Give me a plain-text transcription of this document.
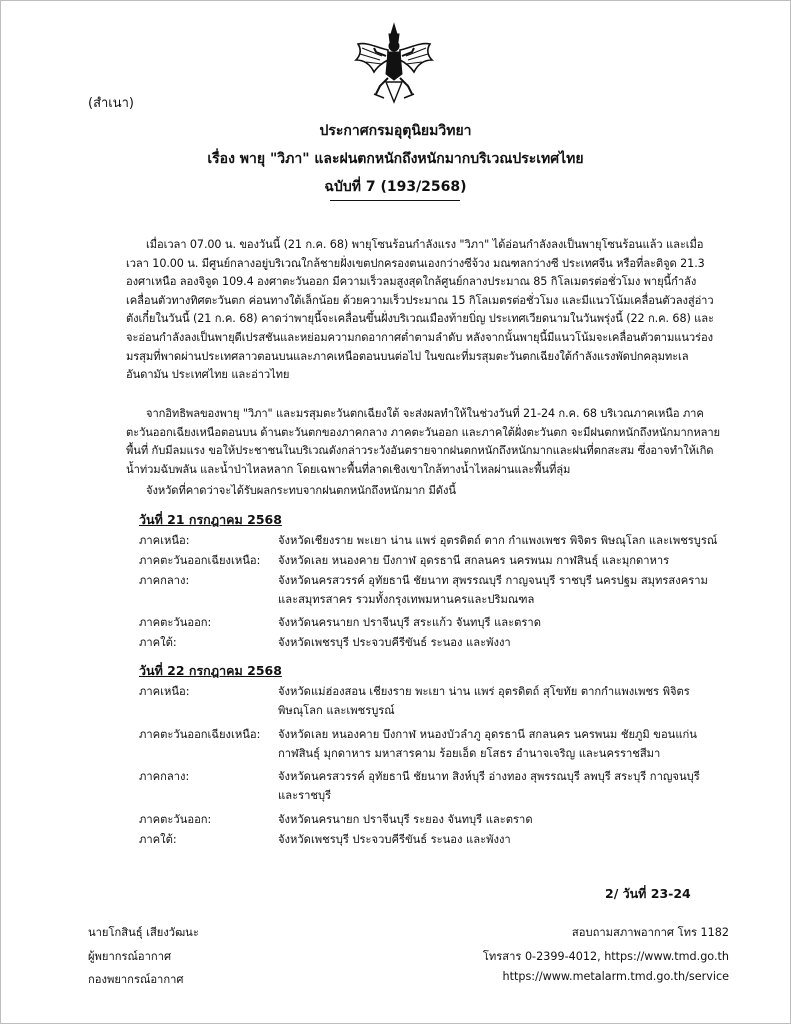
(สำเนา)
ประกาศกรมอุตุนิยมวิทยา
เรื่อง พายุ "วิภา" และฝนตกหนักถึงหนักมากบริเวณประเทศไทย
ฉบับที่ 7 (193/2568)

เมื่อเวลา 07.00 น. ของวันนี้ (21 ก.ค. 68) พายุโซนร้อนกำลังแรง "วิภา" ได้อ่อนกำลังลงเป็นพายุโซนร้อนแล้ว และเมื่อเวลา 10.00 น. มีศูนย์กลางอยู่บริเวณใกล้ชายฝั่งเขตปกครองตนเองกว่างซีจ้วง มณฑลกว่างซี ประเทศจีน หรือที่ละติจูด 21.3 องศาเหนือ ลองจิจูด 109.4 องศาตะวันออก มีความเร็วลมสูงสุดใกล้ศูนย์กลางประมาณ 85 กิโลเมตรต่อชั่วโมง พายุนี้กำลังเคลื่อนตัวทางทิศตะวันตก ค่อนทางใต้เล็กน้อย ด้วยความเร็วประมาณ 15 กิโลเมตรต่อชั่วโมง และมีแนวโน้มเคลื่อนตัวลงสู่อ่าวตังเกี๋ยในวันนี้ (21 ก.ค. 68) คาดว่าพายุนี้จะเคลื่อนขึ้นฝั่งบริเวณเมืองท้ายบิ่ญ ประเทศเวียดนามในวันพรุ่งนี้ (22 ก.ค. 68) และจะอ่อนกำลังลงเป็นพายุดีเปรสชันและหย่อมความกดอากาศต่ำตามลำดับ หลังจากนั้นพายุนี้มีแนวโน้มจะเคลื่อนตัวตามแนวร่องมรสุมที่พาดผ่านประเทศลาวตอนบนและภาคเหนือตอนบนต่อไป ในขณะที่มรสุมตะวันตกเฉียงใต้กำลังแรงพัดปกคลุมทะเลอันดามัน ประเทศไทย และอ่าวไทย

จากอิทธิพลของพายุ "วิภา" และมรสุมตะวันตกเฉียงใต้ จะส่งผลทำให้ในช่วงวันที่ 21-24 ก.ค. 68 บริเวณภาคเหนือ ภาคตะวันออกเฉียงเหนือตอนบน ด้านตะวันตกของภาคกลาง ภาคตะวันออก และภาคใต้ฝั่งตะวันตก จะมีฝนตกหนักถึงหนักมากหลายพื้นที่ กับมีลมแรง ขอให้ประชาชนในบริเวณดังกล่าวระวังอันตรายจากฝนตกหนักถึงหนักมากและฝนที่ตกสะสม ซึ่งอาจทำให้เกิดน้ำท่วมฉับพลัน และน้ำป่าไหลหลาก โดยเฉพาะพื้นที่ลาดเชิงเขาใกล้ทางน้ำไหลผ่านและพื้นที่ลุ่ม

จังหวัดที่คาดว่าจะได้รับผลกระทบจากฝนตกหนักถึงหนักมาก มีดังนี้

วันที่ 21 กรกฎาคม 2568
ภาคเหนือ:	จังหวัดเชียงราย พะเยา น่าน แพร่ อุตรดิตถ์ ตาก กำแพงเพชร พิจิตร พิษณุโลก และเพชรบูรณ์
ภาคตะวันออกเฉียงเหนือ:	จังหวัดเลย หนองคาย บึงกาฬ อุดรธานี สกลนคร นครพนม กาฬสินธุ์ และมุกดาหาร
ภาคกลาง:	จังหวัดนครสวรรค์ อุทัยธานี ชัยนาท สุพรรณบุรี กาญจนบุรี ราชบุรี นครปฐม สมุทรสงคราม และสมุทรสาคร รวมทั้งกรุงเทพมหานครและปริมณฑล
ภาคตะวันออก:	จังหวัดนครนายก ปราจีนบุรี สระแก้ว จันทบุรี และตราด
ภาคใต้:	จังหวัดเพชรบุรี ประจวบคีรีขันธ์ ระนอง และพังงา
วันที่ 22 กรกฎาคม 2568
ภาคเหนือ:	จังหวัดแม่ฮ่องสอน เชียงราย พะเยา น่าน แพร่ อุตรดิตถ์ สุโขทัย ตากกำแพงเพชร พิจิตร พิษณุโลก และเพชรบูรณ์
ภาคตะวันออกเฉียงเหนือ:	จังหวัดเลย หนองคาย บึงกาฬ หนองบัวลำภู อุดรธานี สกลนคร นครพนม ชัยภูมิ ขอนแก่น กาฬสินธุ์ มุกดาหาร มหาสารคาม ร้อยเอ็ด ยโสธร อำนาจเจริญ และนครราชสีมา
ภาคกลาง:	จังหวัดนครสวรรค์ อุทัยธานี ชัยนาท สิงห์บุรี อ่างทอง สุพรรณบุรี ลพบุรี สระบุรี กาญจนบุรี และราชบุรี
ภาคตะวันออก:	จังหวัดนครนายก ปราจีนบุรี ระยอง จันทบุรี และตราด
ภาคใต้:	จังหวัดเพชรบุรี ประจวบคีรีขันธ์ ระนอง และพังงา
2/ วันที่ 23-24
นายโกสินธุ์ เสียงวัฒนะ
ผู้พยากรณ์อากาศ
กองพยากรณ์อากาศ
สอบถามสภาพอากาศ โทร 1182
โทรสาร 0-2399-4012, https://www.tmd.go.th
https://www.metalarm.tmd.go.th/service
